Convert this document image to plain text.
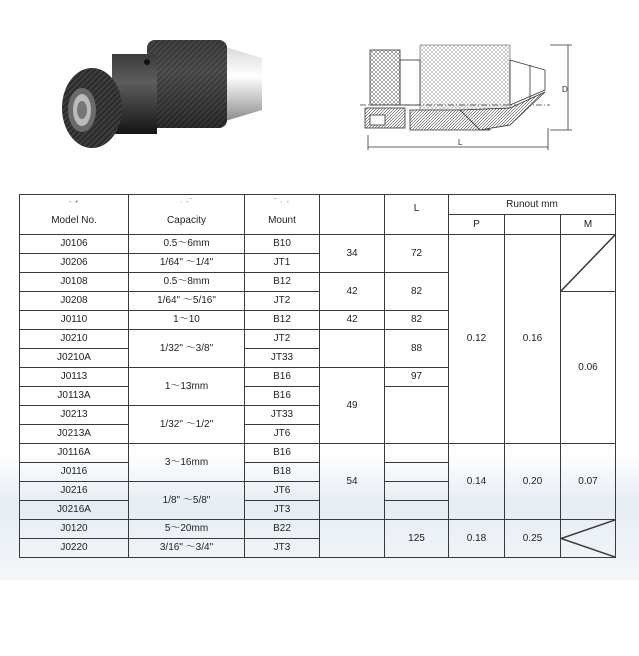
L
D
- •
Model No.	· -‾
Capacity	‾ · -
Mount		L	Runout mm		
					P		M
J0106	0.5～6mm	B10	34	72	0.12	0.16	

J0206	1/64" ～1/4"	JT1					
J0108	0.5～8mm	B12	42	82			
J0208	1/64" ～5/16"	JT2					0.06
J0110	1～10	B12	42	82			
J0210	1/32" ～3/8"	JT2		88			
J0210A		JT33					
J0113	1～13mm	B16	49	97			
J0113A		B16					
J0213	1/32" ～1/2"	JT33					
J0213A		JT6					
J0116A	3～16mm	B16	54		0.14	0.20	0.07
J0116		B18					
J0216	1/8" ～5/8"	JT6					
J0216A		JT3					
J0120	5～20mm	B22		125	0.18	0.25	

J0220	3/16" ～3/4"	JT3					
